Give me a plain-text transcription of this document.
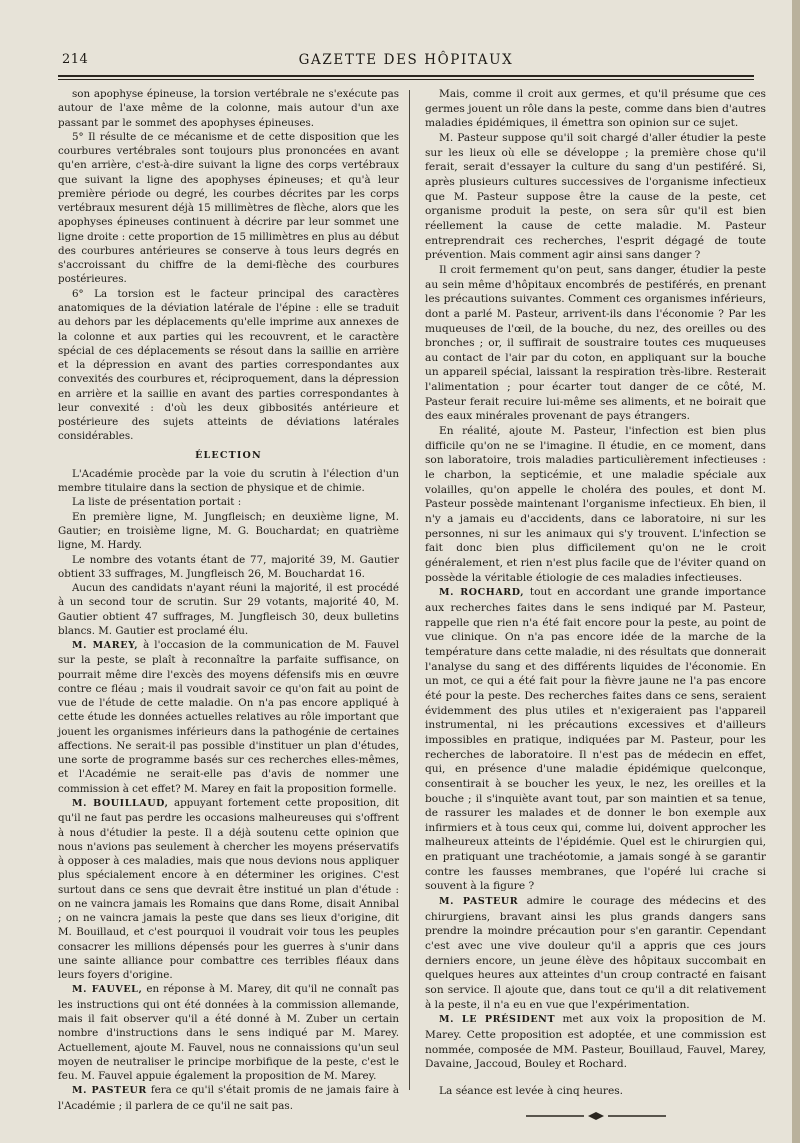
214	GAZETTE DES HÔPITAUX

son apophyse épineuse, la torsion vertébrale ne s'exécute pas autour de l'axe même de la colonne, mais autour d'un axe passant par le sommet des apophyses épineuses.

5° Il résulte de ce mécanisme et de cette disposition que les courbures vertébrales sont toujours plus prononcées en avant qu'en arrière, c'est-à-dire suivant la ligne des corps vertébraux que suivant la ligne des apophyses épineuses; et qu'à leur première période ou degré, les courbes décrites par les corps vertébraux mesurent déjà 15 millimètres de flèche, alors que les apophyses épineuses continuent à décrire par leur sommet une ligne droite : cette proportion de 15 millimètres en plus au début des courbures antérieures se conserve à tous leurs degrés en s'accroissant du chiffre de la demi-flèche des courbures postérieures.

6° La torsion est le facteur principal des caractères anatomiques de la déviation latérale de l'épine : elle se traduit au dehors par les déplacements qu'elle imprime aux annexes de la colonne et aux parties qui les recouvrent, et le caractère spécial de ces déplacements se résout dans la saillie en arrière et la dépression en avant des parties correspondantes aux convexités des courbures et, réciproquement, dans la dépression en arrière et la saillie en avant des parties correspondantes à leur convexité : d'où les deux gibbosités antérieure et postérieure des sujets atteints de déviations latérales considérables.

ÉLECTION

L'Académie procède par la voie du scrutin à l'élection d'un membre titulaire dans la section de physique et de chimie.

La liste de présentation portait :

En première ligne, M. Jungfleisch; en deuxième ligne, M. Gautier; en troisième ligne, M. G. Bouchardat; en quatrième ligne, M. Hardy.

Le nombre des votants étant de 77, majorité 39, M. Gautier obtient 33 suffrages, M. Jungfleisch 26, M. Bouchardat 16.

Aucun des candidats n'ayant réuni la majorité, il est procédé à un second tour de scrutin. Sur 29 votants, majorité 40, M. Gautier obtient 47 suffrages, M. Jungfleisch 30, deux bulletins blancs. M. Gautier est proclamé élu.

M. MAREY, à l'occasion de la communication de M. Fauvel sur la peste, se plaît à reconnaître la parfaite suffisance, on pourrait même dire l'excès des moyens défensifs mis en œuvre contre ce fléau ; mais il voudrait savoir ce qu'on fait au point de vue de l'étude de cette maladie. On n'a pas encore appliqué à cette étude les données actuelles relatives au rôle important que jouent les organismes inférieurs dans la pathogénie de certaines affections. Ne serait-il pas possible d'instituer un plan d'études, une sorte de programme basés sur ces recherches elles-mêmes, et l'Académie ne serait-elle pas d'avis de nommer une commission à cet effet? M. Marey en fait la proposition formelle.

M. BOUILLAUD, appuyant fortement cette proposition, dit qu'il ne faut pas perdre les occasions malheureuses qui s'offrent à nous d'étudier la peste. Il a déjà soutenu cette opinion que nous n'avions pas seulement à chercher les moyens préservatifs à opposer à ces maladies, mais que nous devions nous appliquer plus spécialement encore à en déterminer les origines. C'est surtout dans ce sens que devrait être institué un plan d'étude : on ne vaincra jamais les Romains que dans Rome, disait Annibal ; on ne vaincra jamais la peste que dans ses lieux d'origine, dit M. Bouillaud, et c'est pourquoi il voudrait voir tous les peuples consacrer les millions dépensés pour les guerres à s'unir dans une sainte alliance pour combattre ces terribles fléaux dans leurs foyers d'origine.

M. FAUVEL, en réponse à M. Marey, dit qu'il ne connaît pas les instructions qui ont été données à la commission allemande, mais il fait observer qu'il a été donné à M. Zuber un certain nombre d'instructions dans le sens indiqué par M. Marey. Actuellement, ajoute M. Fauvel, nous ne connaissions qu'un seul moyen de neutraliser le principe morbifique de la peste, c'est le feu. M. Fauvel appuie également la proposition de M. Marey.

M. PASTEUR fera ce qu'il s'était promis de ne jamais faire à l'Académie ; il parlera de ce qu'il ne sait pas.

Mais, comme il croit aux germes, et qu'il présume que ces germes jouent un rôle dans la peste, comme dans bien d'autres maladies épidémiques, il émettra son opinion sur ce sujet.

M. Pasteur suppose qu'il soit chargé d'aller étudier la peste sur les lieux où elle se développe ; la première chose qu'il ferait, serait d'essayer la culture du sang d'un pestiféré. Si, après plusieurs cultures successives de l'organisme infectieux que M. Pasteur suppose être la cause de la peste, cet organisme produit la peste, on sera sûr qu'il est bien réellement la cause de cette maladie. M. Pasteur entreprendrait ces recherches, l'esprit dégagé de toute prévention. Mais comment agir ainsi sans danger ?

Il croit fermement qu'on peut, sans danger, étudier la peste au sein même d'hôpitaux encombrés de pestiférés, en prenant les précautions suivantes. Comment ces organismes inférieurs, dont a parlé M. Pasteur, arrivent-ils dans l'économie ? Par les muqueuses de l'œil, de la bouche, du nez, des oreilles ou des bronches ; or, il suffirait de soustraire toutes ces muqueuses au contact de l'air par du coton, en appliquant sur la bouche un appareil spécial, laissant la respiration très-libre. Resterait l'alimentation ; pour écarter tout danger de ce côté, M. Pasteur ferait recuire lui-même ses aliments, et ne boirait que des eaux minérales provenant de pays étrangers.

En réalité, ajoute M. Pasteur, l'infection est bien plus difficile qu'on ne se l'imagine. Il étudie, en ce moment, dans son laboratoire, trois maladies particulièrement infectieuses : le charbon, la septicémie, et une maladie spéciale aux volailles, qu'on appelle le choléra des poules, et dont M. Pasteur possède maintenant l'organisme infectieux. Eh bien, il n'y a jamais eu d'accidents, dans ce laboratoire, ni sur les personnes, ni sur les animaux qui s'y trouvent. L'infection se fait donc bien plus difficilement qu'on ne le croit généralement, et rien n'est plus facile que de l'éviter quand on possède la véritable étiologie de ces maladies infectieuses.

M. ROCHARD, tout en accordant une grande importance aux recherches faites dans le sens indiqué par M. Pasteur, rappelle que rien n'a été fait encore pour la peste, au point de vue clinique. On n'a pas encore idée de la marche de la température dans cette maladie, ni des résultats que donnerait l'analyse du sang et des différents liquides de l'économie. En un mot, ce qui a été fait pour la fièvre jaune ne l'a pas encore été pour la peste. Des recherches faites dans ce sens, seraient évidemment des plus utiles et n'exigeraient pas l'appareil instrumental, ni les précautions excessives et d'ailleurs impossibles en pratique, indiquées par M. Pasteur, pour les recherches de laboratoire. Il n'est pas de médecin en effet, qui, en présence d'une maladie épidémique quelconque, consentirait à se boucher les yeux, le nez, les oreilles et la bouche ; il s'inquiète avant tout, par son maintien et sa tenue, de rassurer les malades et de donner le bon exemple aux infirmiers et à tous ceux qui, comme lui, doivent approcher les malheureux atteints de l'épidémie. Quel est le chirurgien qui, en pratiquant une trachéotomie, a jamais songé à se garantir contre les fausses membranes, que l'opéré lui crache si souvent à la figure ?

M. PASTEUR admire le courage des médecins et des chirurgiens, bravant ainsi les plus grands dangers sans prendre la moindre précaution pour s'en garantir. Cependant c'est avec une vive douleur qu'il a appris que ces jours derniers encore, un jeune élève des hôpitaux succombait en quelques heures aux atteintes d'un croup contracté en faisant son service. Il ajoute que, dans tout ce qu'il a dit relativement à la peste, il n'a eu en vue que l'expérimentation.

M. LE PRÉSIDENT met aux voix la proposition de M. Marey. Cette proposition est adoptée, et une commission est nommée, composée de MM. Pasteur, Bouillaud, Fauvel, Marey, Davaine, Jaccoud, Bouley et Rochard.

La séance est levée à cinq heures.
